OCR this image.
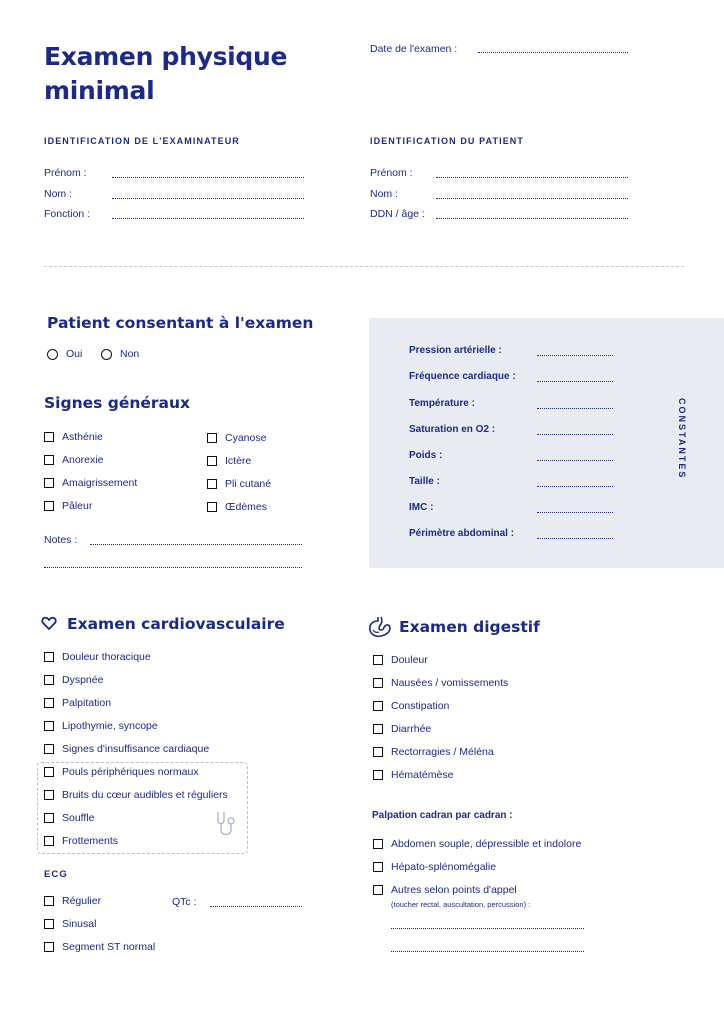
Examen physique
minimal
Date de l'examen :
IDENTIFICATION DE L'EXAMINATEUR
Prénom :
Nom :
Fonction :
IDENTIFICATION DU PATIENT
Prénom :
Nom :
DDN / âge :
Patient consentant à l'examen
Oui	Non
Signes généraux
Asthénie
Anorexie
Amaigrissement
Pâleur
Cyanose
Ictère
Pli cutané
Œdèmes
Notes :
Pression artérielle :
Fréquence cardiaque :
Température :
Saturation en O2 :
Poids :
Taille :
IMC :
Périmètre abdominal :
CONSTANTES
Examen cardiovasculaire
Douleur thoracique
Dyspnée
Palpitation
Lipothymie, syncope
Signes d'insuffisance cardiaque
Pouls périphériques normaux
Bruits du cœur audibles et réguliers
Souffle
Frottements
ECG
Régulier
Sinusal
Segment ST normal
QTc :
Examen digestif
Douleur
Nausées / vomissements
Constipation
Diarrhée
Rectorragies / Méléna
Hématémèse
Palpation cadran par cadran :
Abdomen souple, dépressible et indolore
Hépato-splénomégalie
Autres selon points d'appel
(toucher rectal, auscultation, percussion) :
